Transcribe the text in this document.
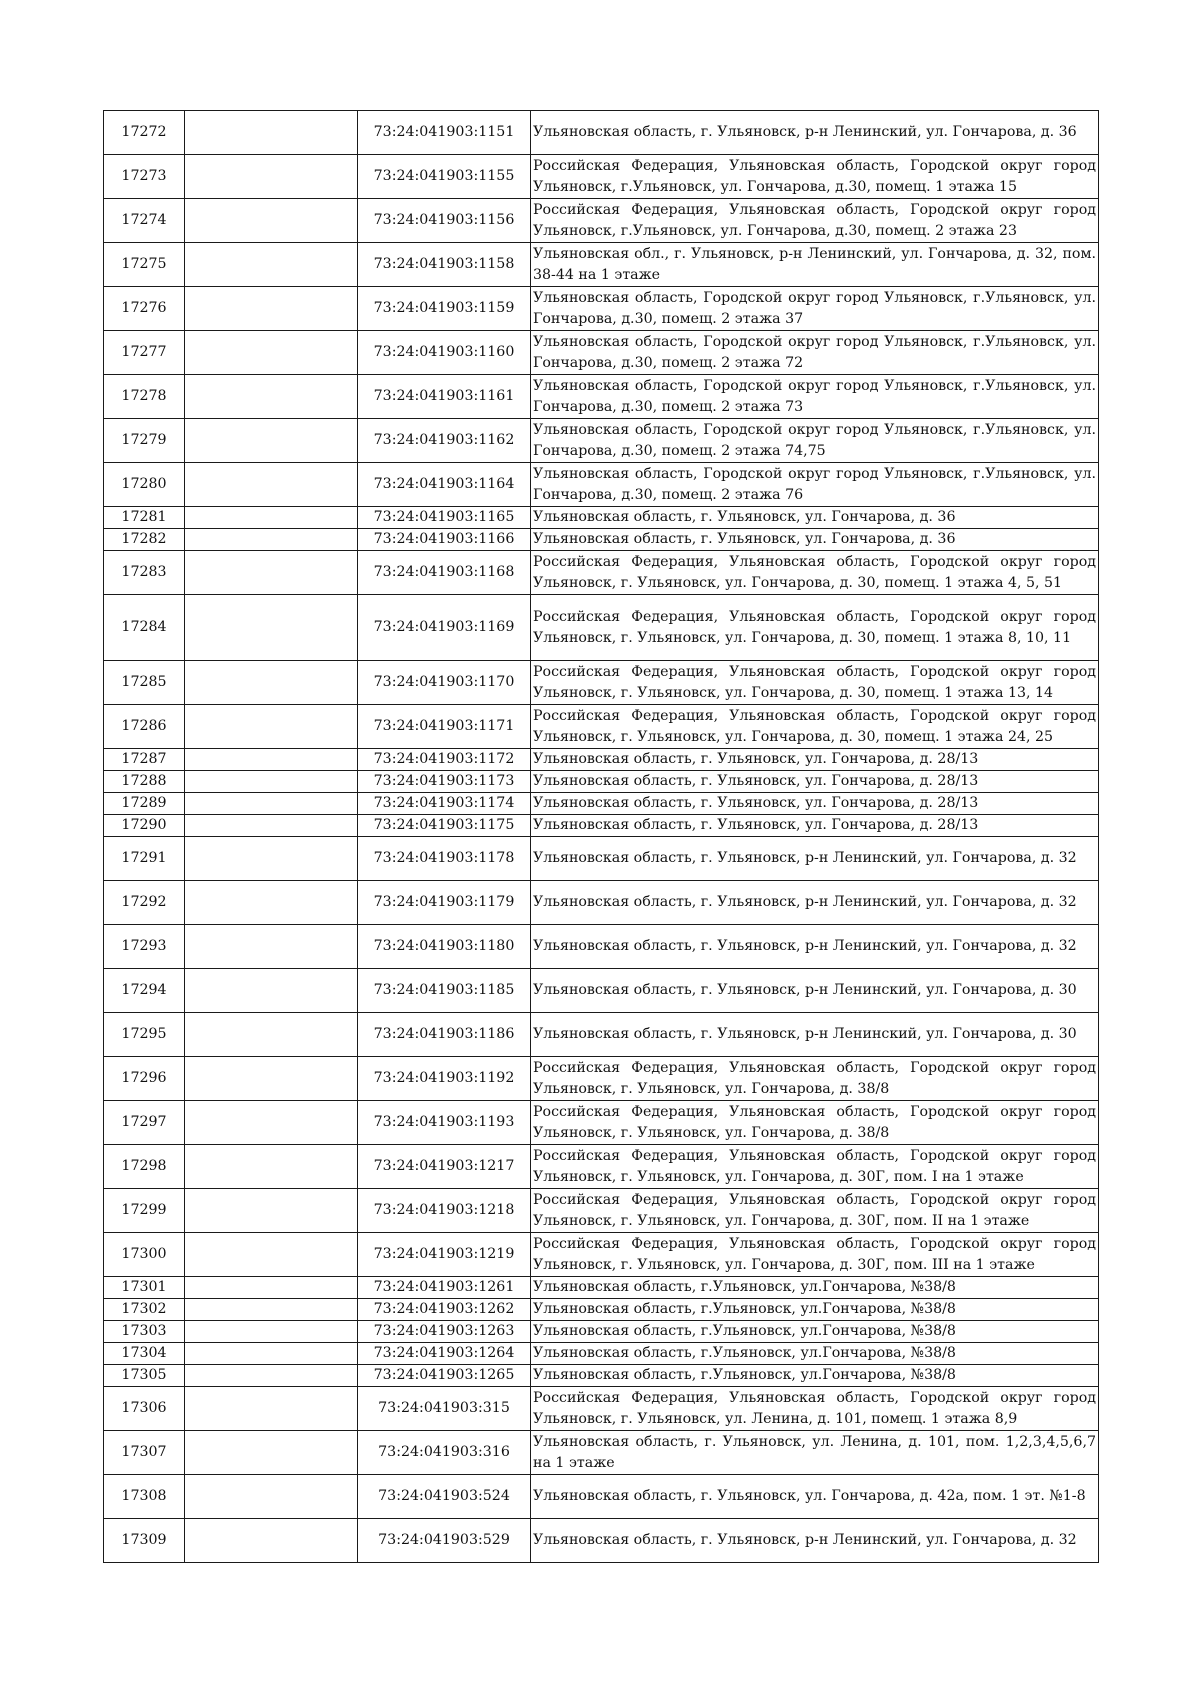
17272		73:24:041903:1151	Ульяновская область, г. Ульяновск, р-н Ленинский, ул. Гончарова, д. 36
17273		73:24:041903:1155	Российская Федерация, Ульяновская область, Городской округ город Ульяновск, г.Ульяновск, ул. Гончарова, д.30, помещ. 1 этажа 15
17274		73:24:041903:1156	Российская Федерация, Ульяновская область, Городской округ город Ульяновск, г.Ульяновск, ул. Гончарова, д.30, помещ. 2 этажа 23
17275		73:24:041903:1158	Ульяновская обл., г. Ульяновск, р-н Ленинский, ул. Гончарова, д. 32, пом. 38-44 на 1 этаже
17276		73:24:041903:1159	Ульяновская область, Городской округ город Ульяновск, г.Ульяновск, ул. Гончарова, д.30, помещ. 2 этажа 37
17277		73:24:041903:1160	Ульяновская область, Городской округ город Ульяновск, г.Ульяновск, ул. Гончарова, д.30, помещ. 2 этажа 72
17278		73:24:041903:1161	Ульяновская область, Городской округ город Ульяновск, г.Ульяновск, ул. Гончарова, д.30, помещ. 2 этажа 73
17279		73:24:041903:1162	Ульяновская область, Городской округ город Ульяновск, г.Ульяновск, ул. Гончарова, д.30, помещ. 2 этажа 74,75
17280		73:24:041903:1164	Ульяновская область, Городской округ город Ульяновск, г.Ульяновск, ул. Гончарова, д.30, помещ. 2 этажа 76
17281		73:24:041903:1165	Ульяновская область, г. Ульяновск, ул. Гончарова, д. 36
17282		73:24:041903:1166	Ульяновская область, г. Ульяновск, ул. Гончарова, д. 36
17283		73:24:041903:1168	Российская Федерация, Ульяновская область, Городской округ город Ульяновск, г. Ульяновск, ул. Гончарова, д. 30, помещ. 1 этажа 4, 5, 51
17284		73:24:041903:1169	Российская Федерация, Ульяновская область, Городской округ город Ульяновск, г. Ульяновск, ул. Гончарова, д. 30, помещ. 1 этажа 8, 10, 11
17285		73:24:041903:1170	Российская Федерация, Ульяновская область, Городской округ город Ульяновск, г. Ульяновск, ул. Гончарова, д. 30, помещ. 1 этажа 13, 14
17286		73:24:041903:1171	Российская Федерация, Ульяновская область, Городской округ город Ульяновск, г. Ульяновск, ул. Гончарова, д. 30, помещ. 1 этажа 24, 25
17287		73:24:041903:1172	Ульяновская область, г. Ульяновск, ул. Гончарова, д. 28/13
17288		73:24:041903:1173	Ульяновская область, г. Ульяновск, ул. Гончарова, д. 28/13
17289		73:24:041903:1174	Ульяновская область, г. Ульяновск, ул. Гончарова, д. 28/13
17290		73:24:041903:1175	Ульяновская область, г. Ульяновск, ул. Гончарова, д. 28/13
17291		73:24:041903:1178	Ульяновская область, г. Ульяновск, р-н Ленинский, ул. Гончарова, д. 32
17292		73:24:041903:1179	Ульяновская область, г. Ульяновск, р-н Ленинский, ул. Гончарова, д. 32
17293		73:24:041903:1180	Ульяновская область, г. Ульяновск, р-н Ленинский, ул. Гончарова, д. 32
17294		73:24:041903:1185	Ульяновская область, г. Ульяновск, р-н Ленинский, ул. Гончарова, д. 30
17295		73:24:041903:1186	Ульяновская область, г. Ульяновск, р-н Ленинский, ул. Гончарова, д. 30
17296		73:24:041903:1192	Российская Федерация, Ульяновская область, Городской округ город Ульяновск, г. Ульяновск, ул. Гончарова, д. 38/8
17297		73:24:041903:1193	Российская Федерация, Ульяновская область, Городской округ город Ульяновск, г. Ульяновск, ул. Гончарова, д. 38/8
17298		73:24:041903:1217	Российская Федерация, Ульяновская область, Городской округ город Ульяновск, г. Ульяновск, ул. Гончарова, д. 30Г, пом. I на 1 этаже
17299		73:24:041903:1218	Российская Федерация, Ульяновская область, Городской округ город Ульяновск, г. Ульяновск, ул. Гончарова, д. 30Г, пом. II на 1 этаже
17300		73:24:041903:1219	Российская Федерация, Ульяновская область, Городской округ город Ульяновск, г. Ульяновск, ул. Гончарова, д. 30Г, пом. III на 1 этаже
17301		73:24:041903:1261	Ульяновская область, г.Ульяновск, ул.Гончарова, №38/8
17302		73:24:041903:1262	Ульяновская область, г.Ульяновск, ул.Гончарова, №38/8
17303		73:24:041903:1263	Ульяновская область, г.Ульяновск, ул.Гончарова, №38/8
17304		73:24:041903:1264	Ульяновская область, г.Ульяновск, ул.Гончарова, №38/8
17305		73:24:041903:1265	Ульяновская область, г.Ульяновск, ул.Гончарова, №38/8
17306		73:24:041903:315	Российская Федерация, Ульяновская область, Городской округ город Ульяновск, г. Ульяновск, ул. Ленина, д. 101, помещ. 1 этажа 8,9
17307		73:24:041903:316	Ульяновская область, г. Ульяновск, ул. Ленина, д. 101, пом. 1,2,3,4,5,6,7 на 1 этаже
17308		73:24:041903:524	Ульяновская область, г. Ульяновск, ул. Гончарова, д. 42а, пом. 1 эт. №1-8
17309		73:24:041903:529	Ульяновская область, г. Ульяновск, р-н Ленинский, ул. Гончарова, д. 32
